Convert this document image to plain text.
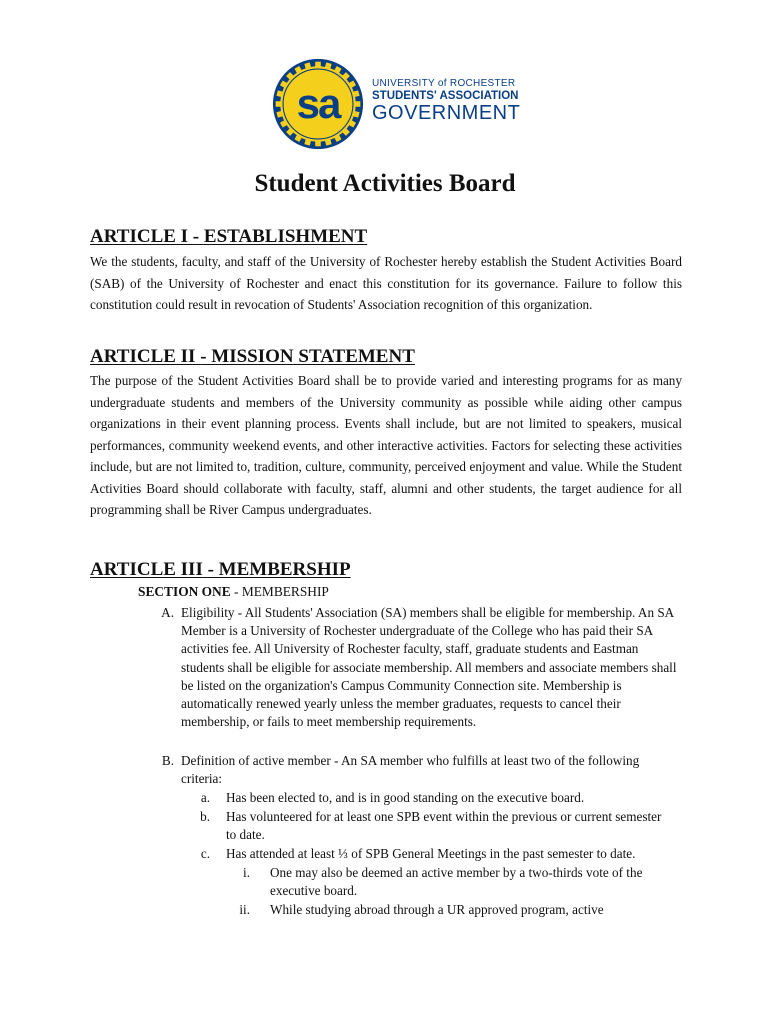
sa	UNIVERSITY of ROCHESTER
STUDENTS' ASSOCIATION
GOVERNMENT
Student Activities Board
ARTICLE I - ESTABLISHMENT

We the students, faculty, and staff of the University of Rochester hereby establish the Student Activities Board (SAB) of the University of Rochester and enact this constitution for its governance. Failure to follow this constitution could result in revocation of Students' Association recognition of this organization.

ARTICLE II - MISSION STATEMENT

The purpose of the Student Activities Board shall be to provide varied and interesting programs for as many undergraduate students and members of the University community as possible while aiding other campus organizations in their event planning process. Events shall include, but are not limited to speakers, musical performances, community weekend events, and other interactive activities. Factors for selecting these activities include, but are not limited to, tradition, culture, community, perceived enjoyment and value. While the Student Activities Board should collaborate with faculty, staff, alumni and other students, the target audience for all programming shall be River Campus undergraduates.

ARTICLE III - MEMBERSHIP

SECTION ONE - MEMBERSHIP

A. Eligibility - All Students' Association (SA) members shall be eligible for membership. An SA Member is a University of Rochester undergraduate of the College who has paid their SA activities fee. All University of Rochester faculty, staff, graduate students and Eastman students shall be eligible for associate membership. All members and associate members shall be listed on the organization's Campus Community Connection site. Membership is automatically renewed yearly unless the member graduates, requests to cancel their membership, or fails to meet membership requirements.
B. Definition of active member - An SA member who fulfills at least two of the following criteria:
a. Has been elected to, and is in good standing on the executive board.
b. Has volunteered for at least one SPB event within the previous or current semester to date.
c. Has attended at least ⅓ of SPB General Meetings in the past semester to date.
i. One may also be deemed an active member by a two-thirds vote of the executive board.
ii. While studying abroad through a UR approved program, active
